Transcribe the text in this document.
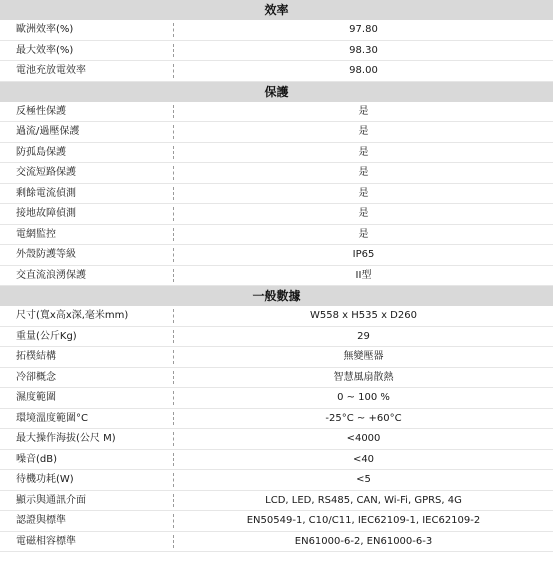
效率
歐洲效率(%)	97.80
最大效率(%)	98.30
電池充放電效率	98.00
保護
反極性保護	是
過流/過壓保護	是
防孤島保護	是
交流短路保護	是
剩餘電流偵測	是
接地故障偵測	是
電網監控	是
外殼防護等級	IP65
交直流浪湧保護	II型
一般數據
尺寸(寬x高x深,毫米mm)	W558 x H535 x D260
重量(公斤Kg)	29
拓樸結構	無變壓器
冷卻概念	智慧風扇散熱
濕度範圍	0 ~ 100 %
環境溫度範圍°C	-25°C ~ +60°C
最大操作海拔(公尺 M)	<4000
噪音(dB)	<40
待機功耗(W)	<5
顯示與通訊介面	LCD, LED, RS485, CAN, Wi-Fi, GPRS, 4G
認證與標準	EN50549-1, C10/C11, IEC62109-1, IEC62109-2
電磁相容標準	EN61000-6-2, EN61000-6-3
